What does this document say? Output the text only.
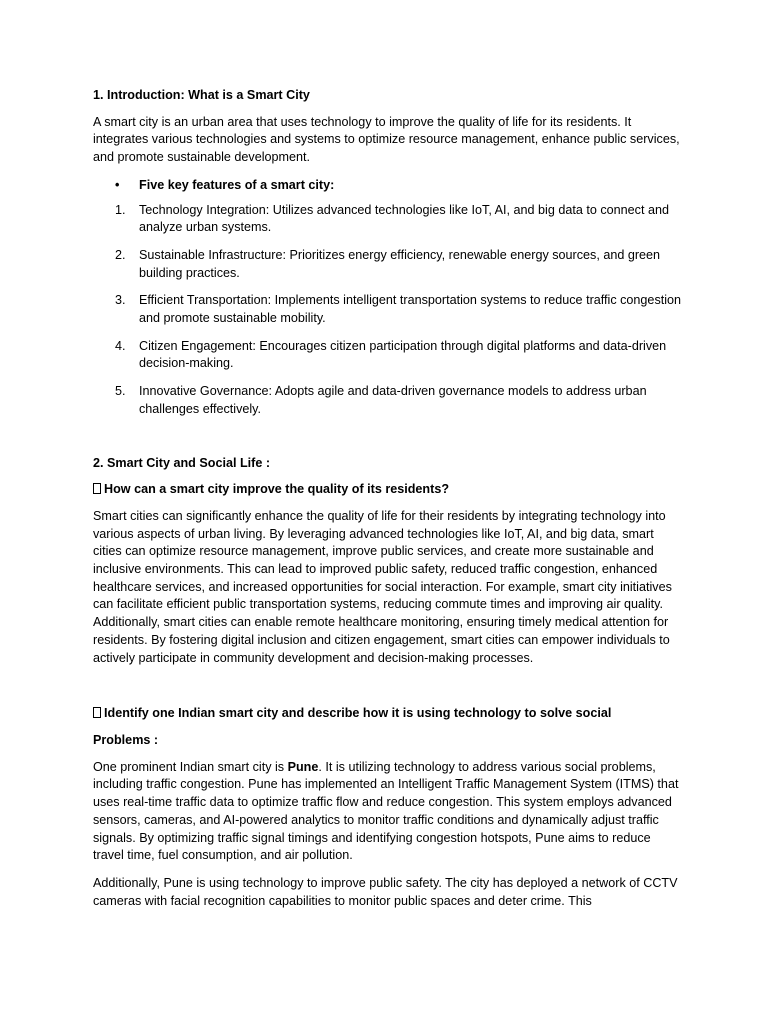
1. Introduction: What is a Smart City

A smart city is an urban area that uses technology to improve the quality of life for its residents. It integrates various technologies and systems to optimize resource management, enhance public services, and promote sustainable development.

• Five key features of a smart city:
1. Technology Integration: Utilizes advanced technologies like IoT, AI, and big data to connect and analyze urban systems.
2. Sustainable Infrastructure: Prioritizes energy efficiency, renewable energy sources, and green building practices.
3. Efficient Transportation: Implements intelligent transportation systems to reduce traffic congestion and promote sustainable mobility.
4. Citizen Engagement: Encourages citizen participation through digital platforms and data-driven decision-making.
5. Innovative Governance: Adopts agile and data-driven governance models to address urban challenges effectively.
2. Smart City and Social Life :
How can a smart city improve the quality of its residents?

Smart cities can significantly enhance the quality of life for their residents by integrating technology into various aspects of urban living. By leveraging advanced technologies like IoT, AI, and big data, smart cities can optimize resource management, improve public services, and create more sustainable and inclusive environments. This can lead to improved public safety, reduced traffic congestion, enhanced healthcare services, and increased opportunities for social interaction. For example, smart city initiatives can facilitate efficient public transportation systems, reducing commute times and improving air quality. Additionally, smart cities can enable remote healthcare monitoring, ensuring timely medical attention for residents. By fostering digital inclusion and citizen engagement, smart cities can empower individuals to actively participate in community development and decision-making processes.

Identify one Indian smart city and describe how it is using technology to solve social
Problems :

One prominent Indian smart city is Pune. It is utilizing technology to address various social problems, including traffic congestion. Pune has implemented an Intelligent Traffic Management System (ITMS) that uses real-time traffic data to optimize traffic flow and reduce congestion. This system employs advanced sensors, cameras, and AI-powered analytics to monitor traffic conditions and dynamically adjust traffic signals. By optimizing traffic signal timings and identifying congestion hotspots, Pune aims to reduce travel time, fuel consumption, and air pollution.

Additionally, Pune is using technology to improve public safety. The city has deployed a network of CCTV cameras with facial recognition capabilities to monitor public spaces and deter crime. This
